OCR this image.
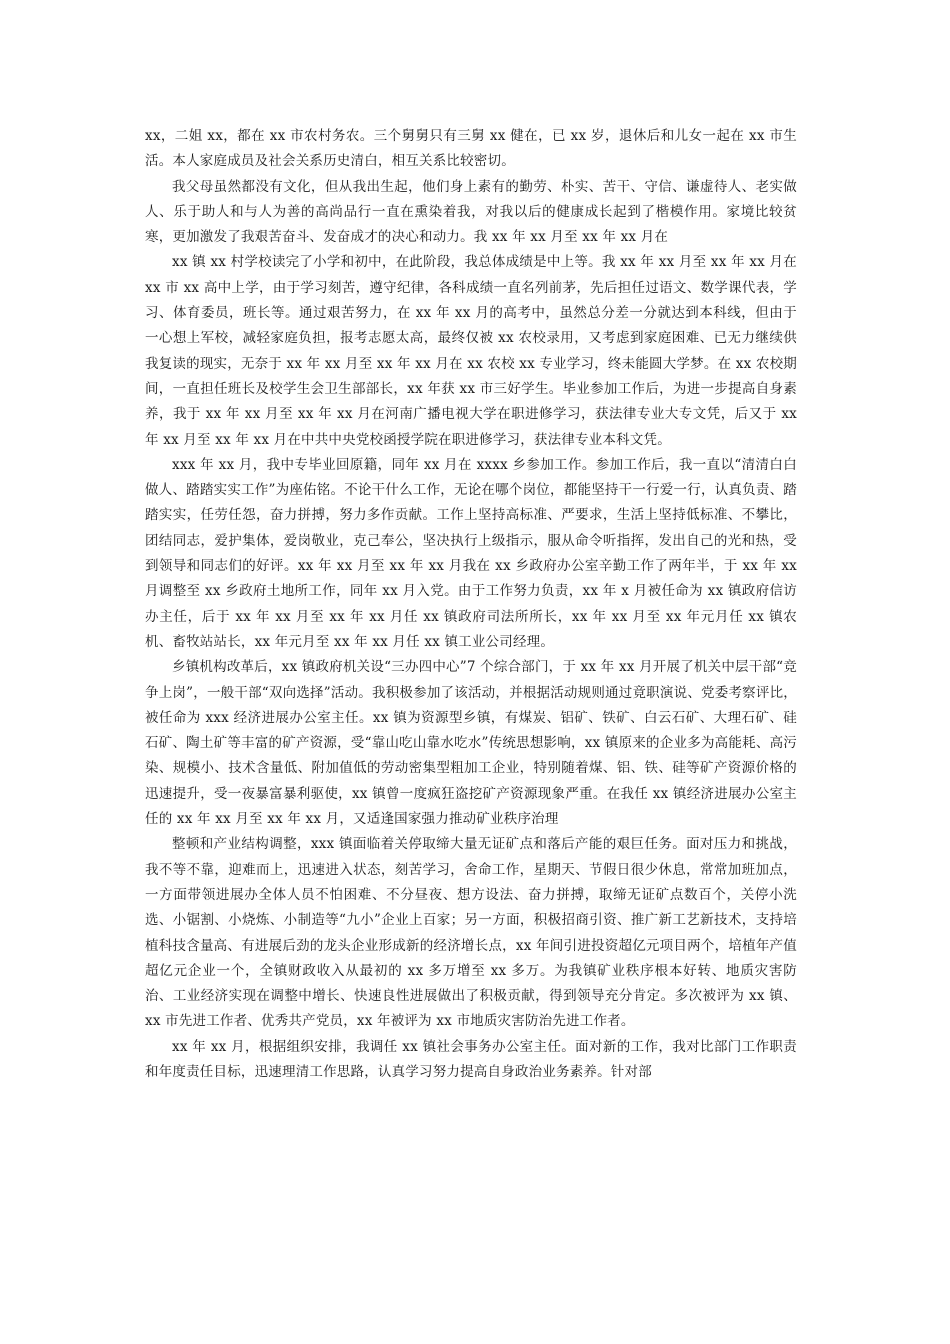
xx，二姐 xx，都在 xx 市农村务农。三个舅舅只有三舅 xx 健在，已 xx 岁，退休后和儿女一起在 xx 市生活。本人家庭成员及社会关系历史清白，相互关系比较密切。

我父母虽然都没有文化，但从我出生起，他们身上素有的勤劳、朴实、苦干、守信、谦虚待人、老实做人、乐于助人和与人为善的高尚品行一直在熏染着我，对我以后的健康成长起到了楷模作用。家境比较贫寒，更加激发了我艰苦奋斗、发奋成才的决心和动力。我 xx 年 xx 月至 xx 年 xx 月在

xx 镇 xx 村学校读完了小学和初中，在此阶段，我总体成绩是中上等。我 xx 年 xx 月至 xx 年 xx 月在 xx 市 xx 高中上学，由于学习刻苦，遵守纪律，各科成绩一直名列前茅，先后担任过语文、数学课代表，学习、体育委员，班长等。通过艰苦努力，在 xx 年 xx 月的高考中，虽然总分差一分就达到本科线，但由于一心想上军校，减轻家庭负担，报考志愿太高，最终仅被 xx 农校录用，又考虑到家庭困难、已无力继续供我复读的现实，无奈于 xx 年 xx 月至 xx 年 xx 月在 xx 农校 xx 专业学习，终未能圆大学梦。在 xx 农校期间，一直担任班长及校学生会卫生部部长，xx 年获 xx 市三好学生。毕业参加工作后，为进一步提高自身素养，我于 xx 年 xx 月至 xx 年 xx 月在河南广播电视大学在职进修学习，获法律专业大专文凭，后又于 xx 年 xx 月至 xx 年 xx 月在中共中央党校函授学院在职进修学习，获法律专业本科文凭。

xxx 年 xx 月，我中专毕业回原籍，同年 xx 月在 xxxx 乡参加工作。参加工作后，我一直以“清清白白做人、踏踏实实工作”为座佑铭。不论干什么工作，无论在哪个岗位，都能坚持干一行爱一行，认真负责、踏踏实实，任劳任怨，奋力拼搏，努力多作贡献。工作上坚持高标准、严要求，生活上坚持低标准、不攀比，团结同志，爱护集体，爱岗敬业，克己奉公，坚决执行上级指示，服从命令听指挥，发出自己的光和热，受到领导和同志们的好评。xx 年 xx 月至 xx 年 xx 月我在 xx 乡政府办公室辛勤工作了两年半，于 xx 年 xx 月调整至 xx 乡政府土地所工作，同年 xx 月入党。由于工作努力负责，xx 年 x 月被任命为 xx 镇政府信访办主任，后于 xx 年 xx 月至 xx 年 xx 月任 xx 镇政府司法所所长，xx 年 xx 月至 xx 年元月任 xx 镇农机、畜牧站站长，xx 年元月至 xx 年 xx 月任 xx 镇工业公司经理。

乡镇机构改革后，xx 镇政府机关设“三办四中心”7 个综合部门，于 xx 年 xx 月开展了机关中层干部“竞争上岗”，一般干部“双向选择”活动。我积极参加了该活动，并根据活动规则通过竟职演说、党委考察评比，被任命为 xxx 经济进展办公室主任。xx 镇为资源型乡镇，有煤炭、铝矿、铁矿、白云石矿、大理石矿、硅石矿、陶土矿等丰富的矿产资源，受“靠山吃山靠水吃水”传统思想影响，xx 镇原来的企业多为高能耗、高污染、规模小、技术含量低、附加值低的劳动密集型粗加工企业，特别随着煤、铝、铁、硅等矿产资源价格的迅速提升，受一夜暴富暴利驱使，xx 镇曾一度疯狂盗挖矿产资源现象严重。在我任 xx 镇经济进展办公室主任的 xx 年 xx 月至 xx 年 xx 月，又适逢国家强力推动矿业秩序治理

整顿和产业结构调整，xxx 镇面临着关停取缔大量无证矿点和落后产能的艰巨任务。面对压力和挑战，我不等不靠，迎难而上，迅速进入状态，刻苦学习，舍命工作，星期天、节假日很少休息，常常加班加点，一方面带领进展办全体人员不怕困难、不分昼夜、想方设法、奋力拼搏，取缔无证矿点数百个，关停小洗选、小锯割、小烧炼、小制造等“九小”企业上百家；另一方面，积极招商引资、推广新工艺新技术，支持培植科技含量高、有进展后劲的龙头企业形成新的经济增长点，xx 年间引进投资超亿元项目两个，培植年产值超亿元企业一个，全镇财政收入从最初的 xx 多万增至 xx 多万。为我镇矿业秩序根本好转、地质灾害防治、工业经济实现在调整中增长、快速良性进展做出了积极贡献，得到领导充分肯定。多次被评为 xx 镇、xx 市先进工作者、优秀共产党员，xx 年被评为 xx 市地质灾害防治先进工作者。

xx 年 xx 月，根据组织安排，我调任 xx 镇社会事务办公室主任。面对新的工作，我对比部门工作职责和年度责任目标，迅速理清工作思路，认真学习努力提高自身政治业务素养。针对部
